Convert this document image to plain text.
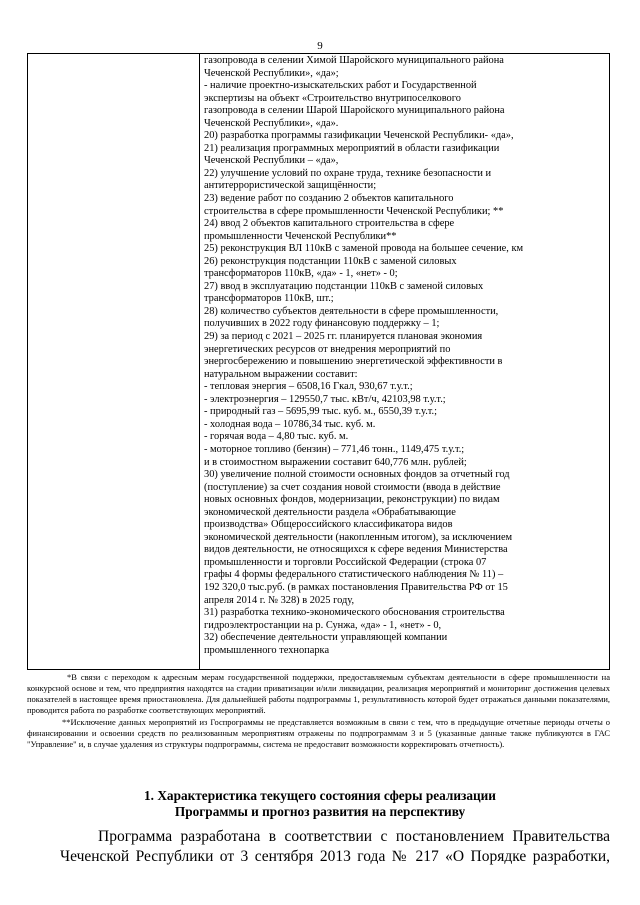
9
газопровода в селении Химой Шаройского муниципального района
Чеченской Республики», «да»;
- наличие проектно-изыскательских работ и Государственной
экспертизы на объект «Строительство внутрипоселкового
газопровода в селении Шарой Шаройского муниципального района
Чеченской Республики», «да».
20) разработка программы газификации Чеченской Республики- «да»,
21) реализация программных мероприятий в области газификации
Чеченской Республики – «да»,
22) улучшение условий по охране труда, технике безопасности и
антитеррористической защищённости;
23) ведение работ по созданию 2 объектов капитального
строительства в сфере промышленности Чеченской Республики; **
24) ввод 2 объектов капитального строительства в сфере
промышленности Чеченской Республики**
25) реконструкция ВЛ 110кВ с заменой провода на большее сечение, км
26) реконструкция подстанции 110кВ с заменой силовых
трансформаторов 110кВ, «да» - 1, «нет» - 0;
27) ввод в эксплуатацию подстанции 110кВ с заменой силовых
трансформаторов 110кВ, шт.;
28) количество субъектов деятельности в сфере промышленности,
получивших в 2022 году финансовую поддержку – 1;
29) за период с 2021 – 2025 гг. планируется плановая экономия
энергетических ресурсов от внедрения мероприятий по
энергосбережению и повышению энергетической эффективности в
натуральном выражении составит:
- тепловая энергия – 6508,16 Гкал, 930,67 т.у.т.;
- электроэнергия – 129550,7 тыс. кВт/ч, 42103,98 т.у.т.;
- природный газ – 5695,99 тыс. куб. м., 6550,39 т.у.т.;
- холодная вода – 10786,34 тыс. куб. м.
- горячая вода – 4,80 тыс. куб. м.
- моторное топливо (бензин) – 771,46 тонн., 1149,475 т.у.т.;
и в стоимостном выражении составит 640,776 млн. рублей;
30) увеличение полной стоимости основных фондов за отчетный год
(поступление) за счет создания новой стоимости (ввода в действие
новых основных фондов, модернизации, реконструкции) по видам
экономической деятельности раздела «Обрабатывающие
производства» Общероссийского классификатора видов
экономической деятельности (накопленным итогом), за исключением
видов деятельности, не относящихся к сфере ведения Министерства
промышленности и торговли Российской Федерации (строка 07
графы 4 формы федерального статистического наблюдения № 11) –
192 320,0 тыс.руб. (в рамках постановления Правительства РФ от 15
апреля 2014 г. № 328) в 2025 году,
31) разработка технико-экономического обоснования строительства
гидроэлектростанции на р. Сунжа, «да» - 1, «нет» - 0,
32) обеспечение деятельности управляющей компании
промышленного технопарка

*В связи с переходом к адресным мерам государственной поддержки, предоставляемым субъектам деятельности в сфере промышленности на конкурсной основе и тем, что предприятия находятся на стадии приватизации и/или ликвидации, реализация мероприятий и мониторинг достижения целевых показателей в настоящее время приостановлена. Для дальнейшей работы подпрограммы 1, результативность которой будет отражаться данными показателями, проводится работа по разработке соответствующих мероприятий.

**Исключение данных мероприятий из Госпрограммы не представляется возможным в связи с тем, что в предыдущие отчетные периоды отчеты о финансировании и освоении средств по реализованным мероприятиям отражены по подпрограммам 3 и 5 (указанные данные также публикуются в ГАС "Управление" и, в случае удаления из структуры подпрограммы, система не предоставит возможности корректировать отчетность).

1. Характеристика текущего состояния сферы реализации
Программы и прогноз развития на перспективу
Программа разработана в соответствии с постановлением Правительства
Чеченской Республики от 3 сентября 2013 года № 217 «О Порядке разработки,
